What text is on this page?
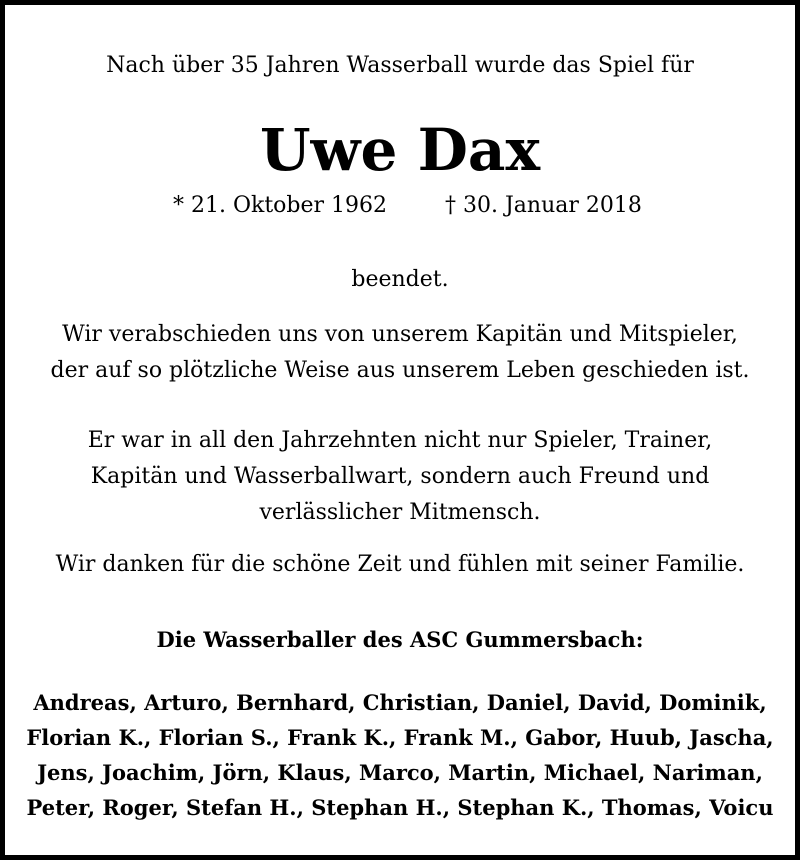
Nach über 35 Jahren Wasserball wurde das Spiel für
Uwe Dax
* 21. Oktober 1962	† 30. Januar 2018
beendet.
Wir verabschieden uns von unserem Kapitän und Mitspieler,
der auf so plötzliche Weise aus unserem Leben geschieden ist.
Er war in all den Jahrzehnten nicht nur Spieler, Trainer,
Kapitän und Wasserballwart, sondern auch Freund und
verlässlicher Mitmensch.
Wir danken für die schöne Zeit und fühlen mit seiner Familie.
Die Wasserballer des ASC Gummersbach:
Andreas, Arturo, Bernhard, Christian, Daniel, David, Dominik,
Florian K., Florian S., Frank K., Frank M., Gabor, Huub, Jascha,
Jens, Joachim, Jörn, Klaus, Marco, Martin, Michael, Nariman,
Peter, Roger, Stefan H., Stephan H., Stephan K., Thomas, Voicu
